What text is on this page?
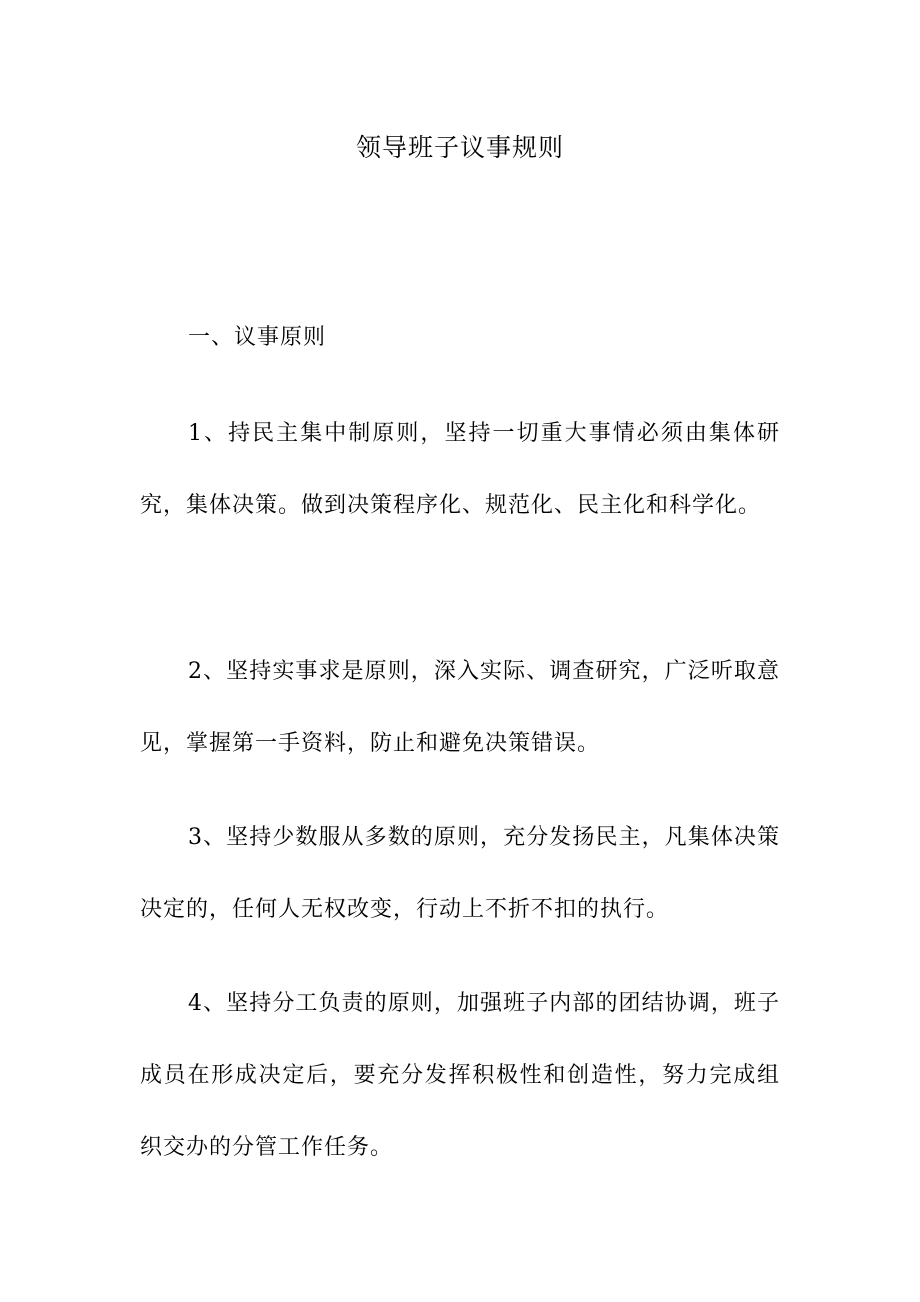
领导班子议事规则

一、议事原则

1、持民主集中制原则，坚持一切重大事情必须由集体研究，集体决策。做到决策程序化、规范化、民主化和科学化。

2、坚持实事求是原则，深入实际、调查研究，广泛听取意见，掌握第一手资料，防止和避免决策错误。

3、坚持少数服从多数的原则，充分发扬民主，凡集体决策决定的，任何人无权改变，行动上不折不扣的执行。

4、坚持分工负责的原则，加强班子内部的团结协调，班子成员在形成决定后，要充分发挥积极性和创造性，努力完成组织交办的分管工作任务。
